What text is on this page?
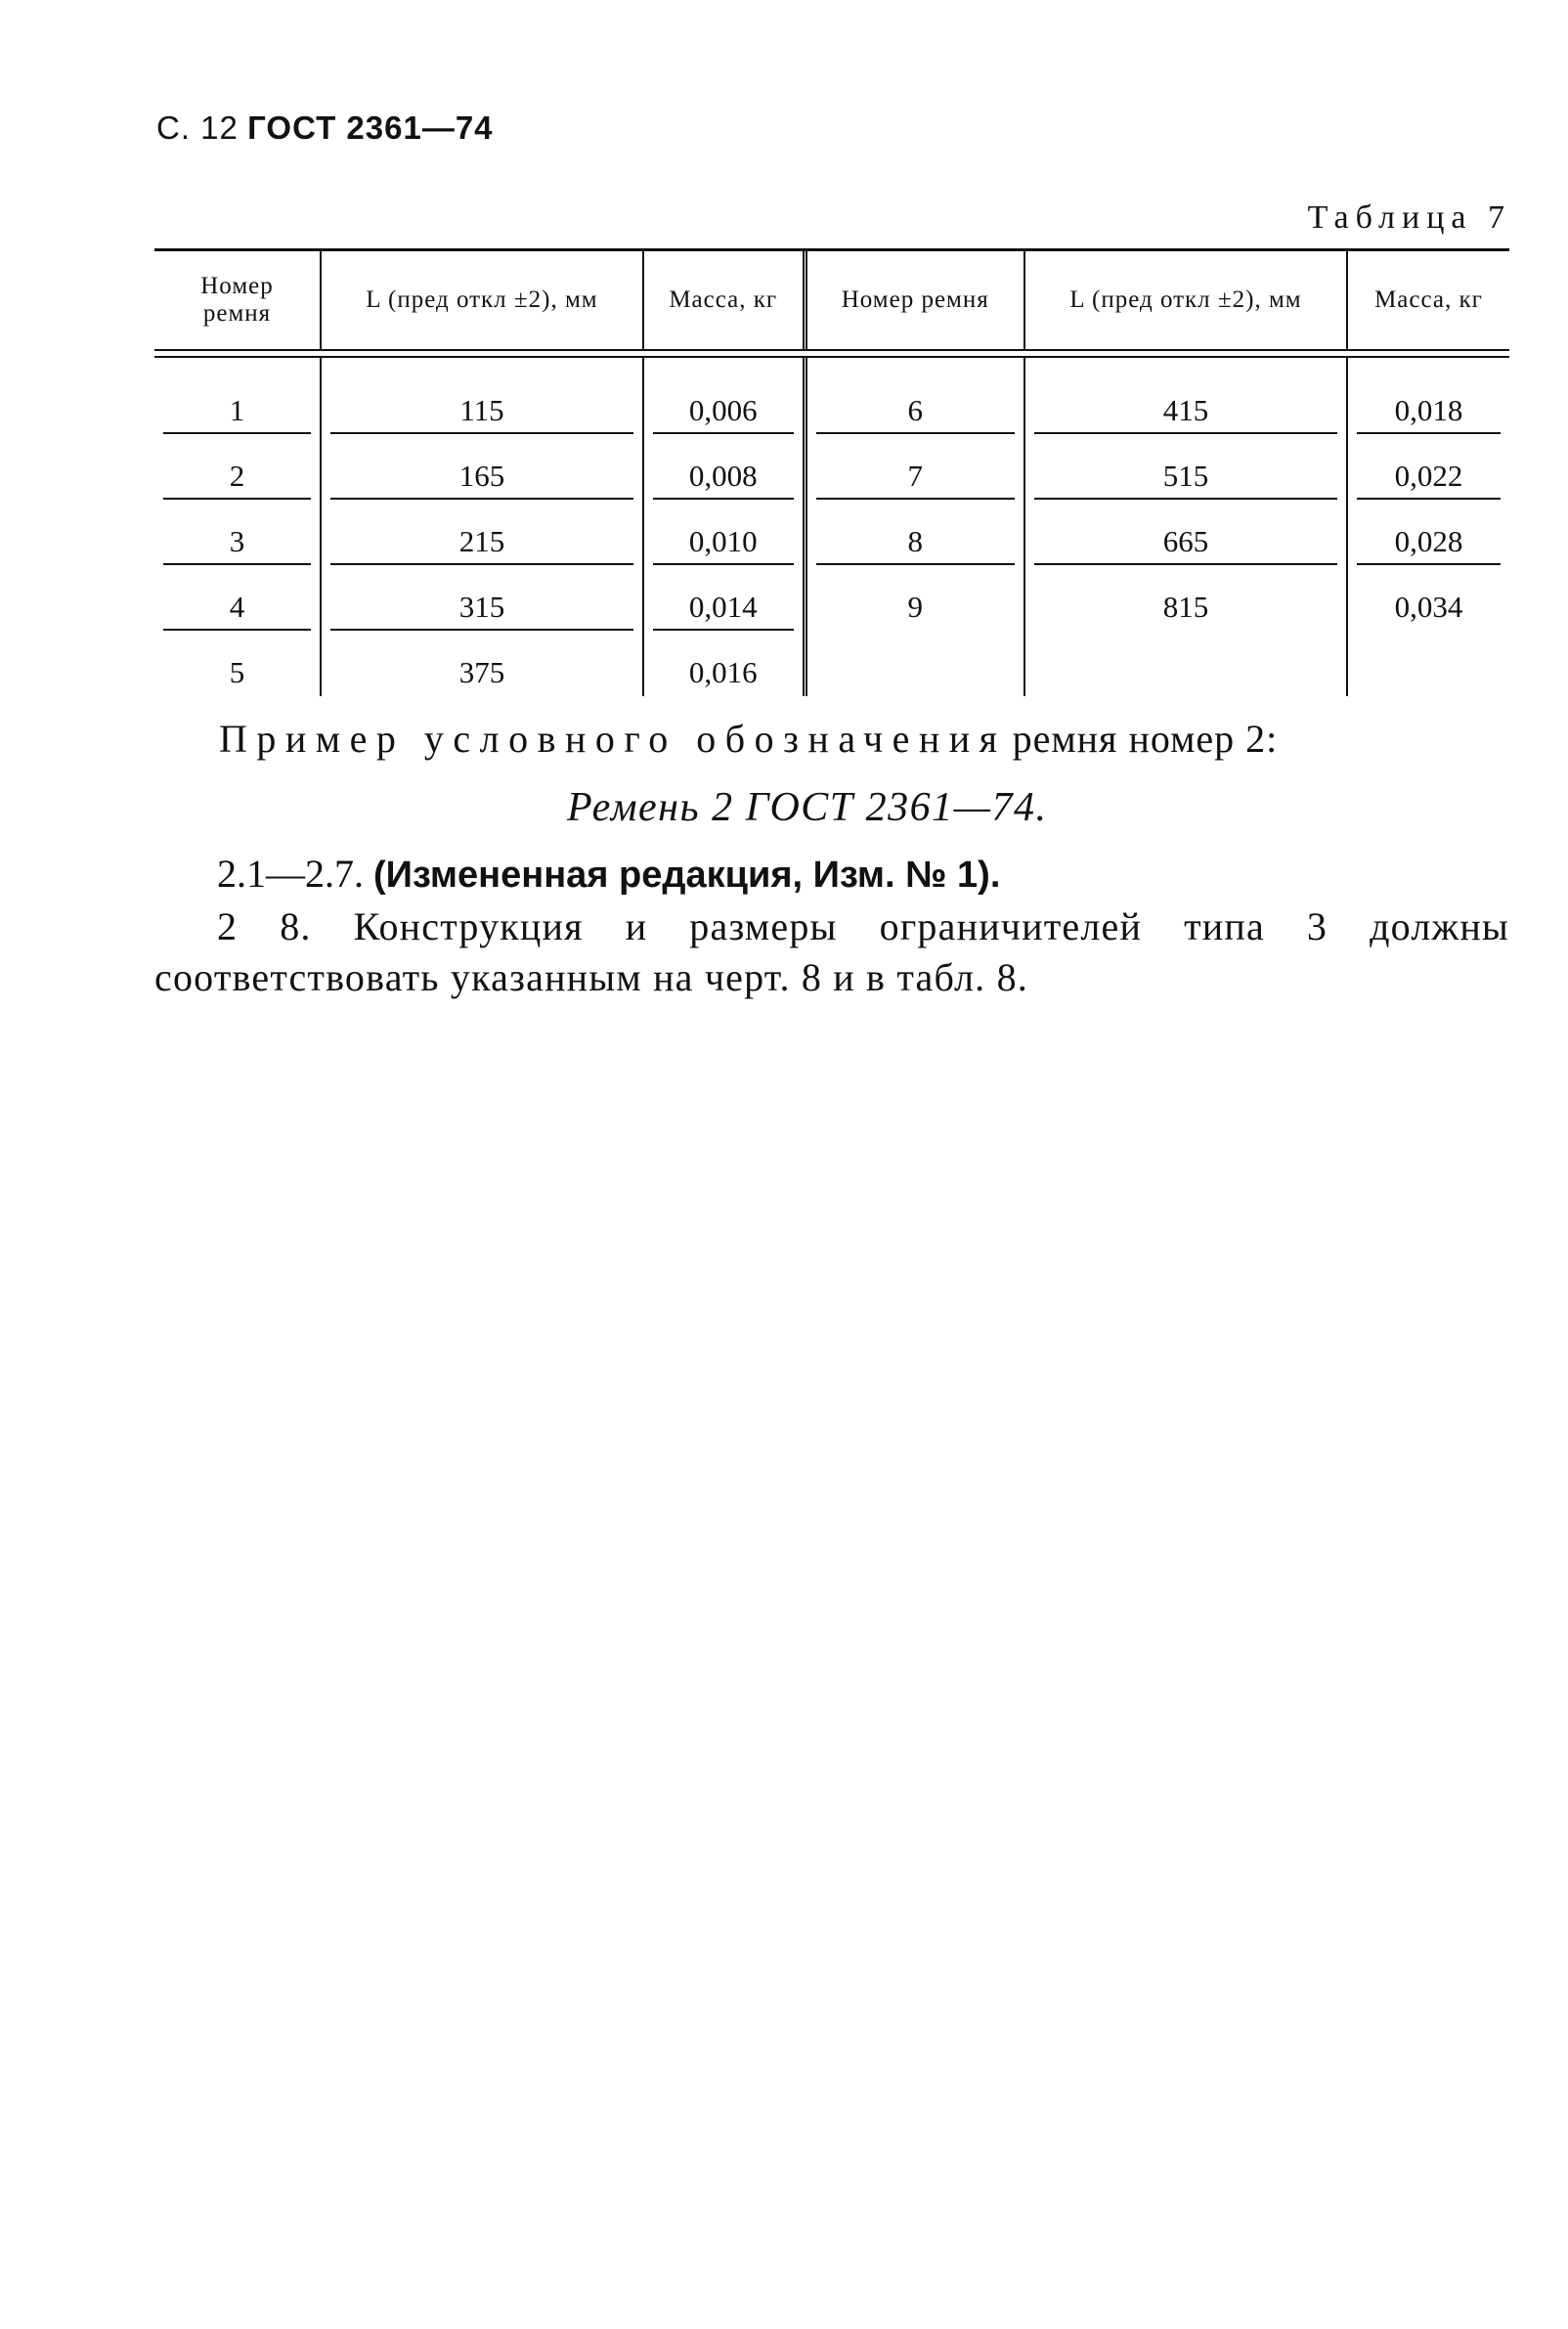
С. 12 ГОСТ 2361—74
Таблица 7
Номер ремня	L (пред откл ±2), мм	Масса, кг	Номер ремня	L (пред откл ±2), мм	Масса, кг
1	115	0,006	6	415	0,018
2	165	0,008	7	515	0,022
3	215	0,010	8	665	0,028
4	315	0,014	9	815	0,034
5	375	0,016			
Пример условного обозначения ремня номер 2:
Ремень 2 ГОСТ 2361—74.
2.1—2.7. (Измененная редакция, Изм. № 1).
2 8. Конструкция и размеры ограничителей типа 3 должны соответствовать указанным на черт. 8 и в табл. 8.
